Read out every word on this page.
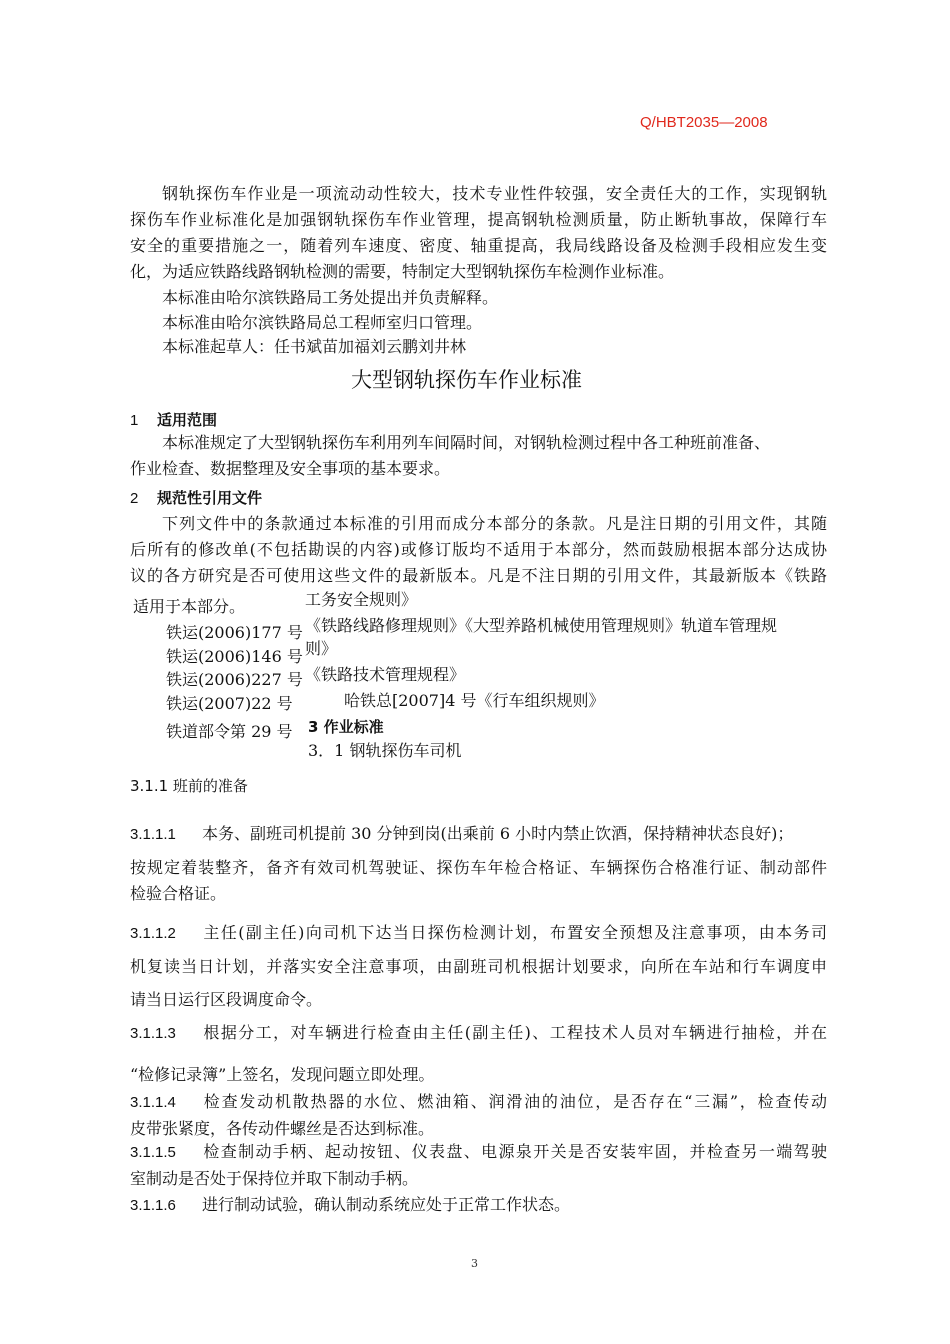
Q/HBT2035—2008
钢轨探伤车作业是一项流动动性较大，技术专业性件较强，安全责任大的工作，实现钢轨
探伤车作业标准化是加强钢轨探伤车作业管理，提高钢轨检测质量，防止断轨事故，保障行车
安全的重要措施之一，随着列车速度、密度、轴重提高，我局线路设备及检测手段相应发生变
化，为适应铁路线路钢轨检测的需要，特制定大型钢轨探伤车检测作业标准。
本标准由哈尔滨铁路局工务处提出并负责解释。
本标准由哈尔滨铁路局总工程师室归口管理。
本标准起草人：任书斌苗加福刘云鹏刘井林
大型钢轨探伤车作业标准
1 适用范围
本标准规定了大型钢轨探伤车利用列车间隔时间，对钢轨检测过程中各工种班前准备、
作业检查、数据整理及安全事项的基本要求。
2 规范性引用文件
下列文件中的条款通过本标准的引用而成分本部分的条款。凡是注日期的引用文件，其随
后所有的修改单(不包括勘误的内容)或修订版均不适用于本部分，然而鼓励根据本部分达成协
议的各方研究是否可使用这些文件的最新版本。凡是不注日期的引用文件，其最新版本《铁路
适用于本部分。
铁运(2006)177 号
铁运(2006)146 号
铁运(2006)227 号
铁运(2007)22 号
铁道部令第 29 号
工务安全规则》
《铁路线路修理规则》《大型养路机械使用管理规则》轨道车管理规
则》
《铁路技术管理规程》
哈铁总[2007]4 号《行车组织规则》
3 作业标准
3．1 钢轨探伤车司机
3.1.1 班前的准备
3.1.1.1 本务、副班司机提前 30 分钟到岗(出乘前 6 小时内禁止饮酒，保持精神状态良好)；
按规定着装整齐，备齐有效司机驾驶证、探伤车年检合格证、车辆探伤合格准行证、制动部件
检验合格证。
3.1.1.2 主任(副主任)向司机下达当日探伤检测计划，布置安全预想及注意事项，由本务司
机复读当日计划，并落实安全注意事项，由副班司机根据计划要求，向所在车站和行车调度申
请当日运行区段调度命令。
3.1.1.3 根据分工，对车辆进行检查由主任(副主任)、工程技术人员对车辆进行抽检，并在
“检修记录簿”上签名，发现问题立即处理。
3.1.1.4 检查发动机散热器的水位、燃油箱、润滑油的油位，是否存在“三漏”，检查传动
皮带张紧度，各传动件螺丝是否达到标准。
3.1.1.5 检查制动手柄、起动按钮、仪表盘、电源泉开关是否安装牢固，并检查另一端驾驶
室制动是否处于保持位并取下制动手柄。
3.1.1.6 进行制动试验，确认制动系统应处于正常工作状态。
3
